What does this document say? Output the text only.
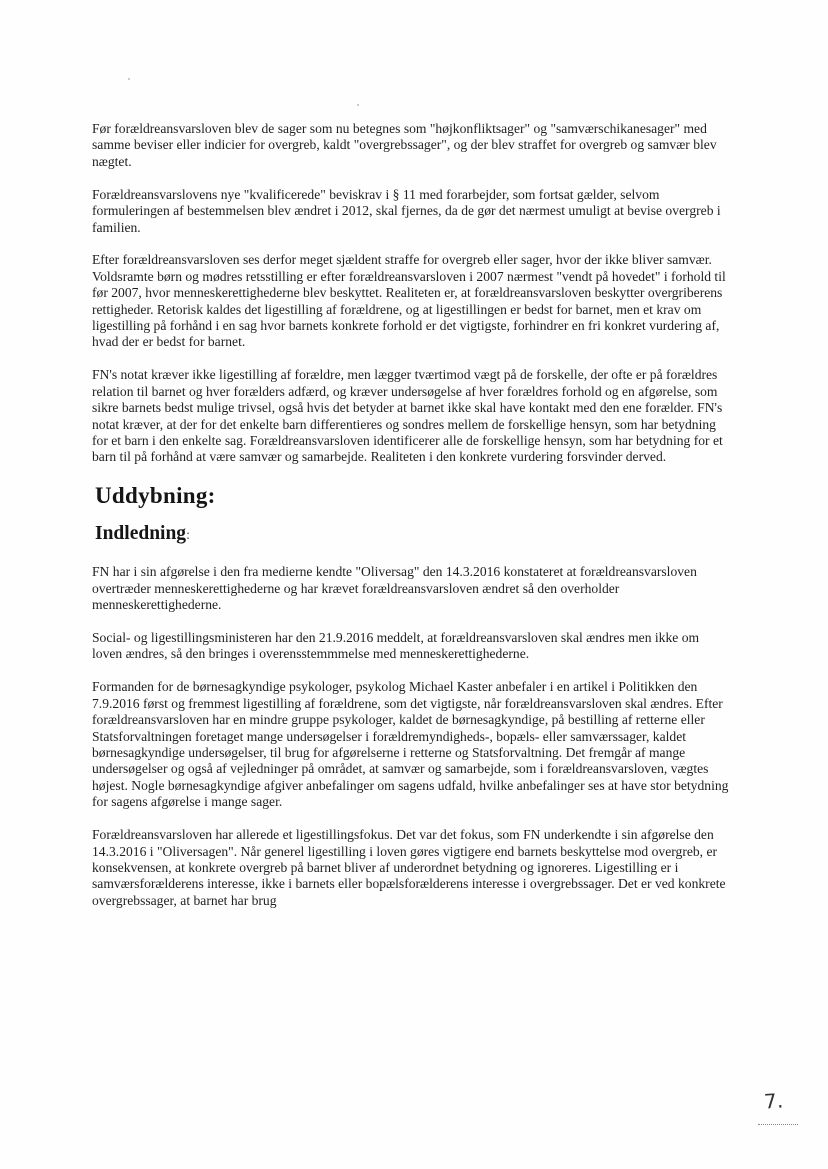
Før forældreansvarsloven blev de sager som nu betegnes som "højkonfliktsager" og "samværschikanesager" med samme beviser eller indicier for overgreb, kaldt "overgrebssager", og der blev straffet for overgreb og samvær blev nægtet.

Forældreansvarslovens nye "kvalificerede" beviskrav i § 11 med forarbejder, som fortsat gælder, selvom formuleringen af bestemmelsen blev ændret i 2012, skal fjernes, da de gør det nærmest umuligt at bevise overgreb i familien.

Efter forældreansvarsloven ses derfor meget sjældent straffe for overgreb eller sager, hvor der ikke bliver samvær. Voldsramte børn og mødres retsstilling er efter forældreansvarsloven i 2007 nærmest "vendt på hovedet" i forhold til før 2007, hvor menneskerettighederne blev beskyttet. Realiteten er, at forældreansvarsloven beskytter overgriberens rettigheder. Retorisk kaldes det ligestilling af forældrene, og at ligestillingen er bedst for barnet, men et krav om ligestilling på forhånd i en sag hvor barnets konkrete forhold er det vigtigste, forhindrer en fri konkret vurdering af, hvad der er bedst for barnet.

FN's notat kræver ikke ligestilling af forældre, men lægger tværtimod vægt på de forskelle, der ofte er på forældres relation til barnet og hver forælders adfærd, og kræver undersøgelse af hver forældres forhold og en afgørelse, som sikre barnets bedst mulige trivsel, også hvis det betyder at barnet ikke skal have kontakt med den ene forælder. FN's notat kræver, at der for det enkelte barn differentieres og sondres mellem de forskellige hensyn, som har betydning for et barn i den enkelte sag. Forældreansvarsloven identificerer alle de forskellige hensyn, som har betydning for et barn til på forhånd at være samvær og samarbejde. Realiteten i den konkrete vurdering forsvinder derved.

Uddybning:
Indledning:

FN har i sin afgørelse i den fra medierne kendte "Oliversag" den 14.3.2016 konstateret at forældreansvarsloven overtræder menneskerettighederne og har krævet forældreansvarsloven ændret så den overholder menneskerettighederne.

Social- og ligestillingsministeren har den 21.9.2016 meddelt, at forældreansvarsloven skal ændres men ikke om loven ændres, så den bringes i overensstemmmelse med menneskerettighederne.

Formanden for de børnesagkyndige psykologer, psykolog Michael Kaster anbefaler i en artikel i Politikken den 7.9.2016 først og fremmest ligestilling af forældrene, som det vigtigste, når forældreansvarsloven skal ændres. Efter forældreansvarsloven har en mindre gruppe psykologer, kaldet de børnesagkyndige, på bestilling af retterne eller Statsforvaltningen foretaget mange undersøgelser i forældremyndigheds-, bopæls- eller samværssager, kaldet børnesagkyndige undersøgelser, til brug for afgørelserne i retterne og Statsforvaltning. Det fremgår af mange undersøgelser og også af vejledninger på området, at samvær og samarbejde, som i forældreansvarsloven, vægtes højest. Nogle børnesagkyndige afgiver anbefalinger om sagens udfald, hvilke anbefalinger ses at have stor betydning for sagens afgørelse i mange sager.

Forældreansvarsloven har allerede et ligestillingsfokus. Det var det fokus, som FN underkendte i sin afgørelse den 14.3.2016 i "Oliversagen". Når generel ligestilling i loven gøres vigtigere end barnets beskyttelse mod overgreb, er konsekvensen, at konkrete overgreb på barnet bliver af underordnet betydning og ignoreres. Ligestilling er i samværsforælderens interesse, ikke i barnets eller bopælsforælderens interesse i overgrebssager. Det er ved konkrete overgrebssager, at barnet har brug

7.
